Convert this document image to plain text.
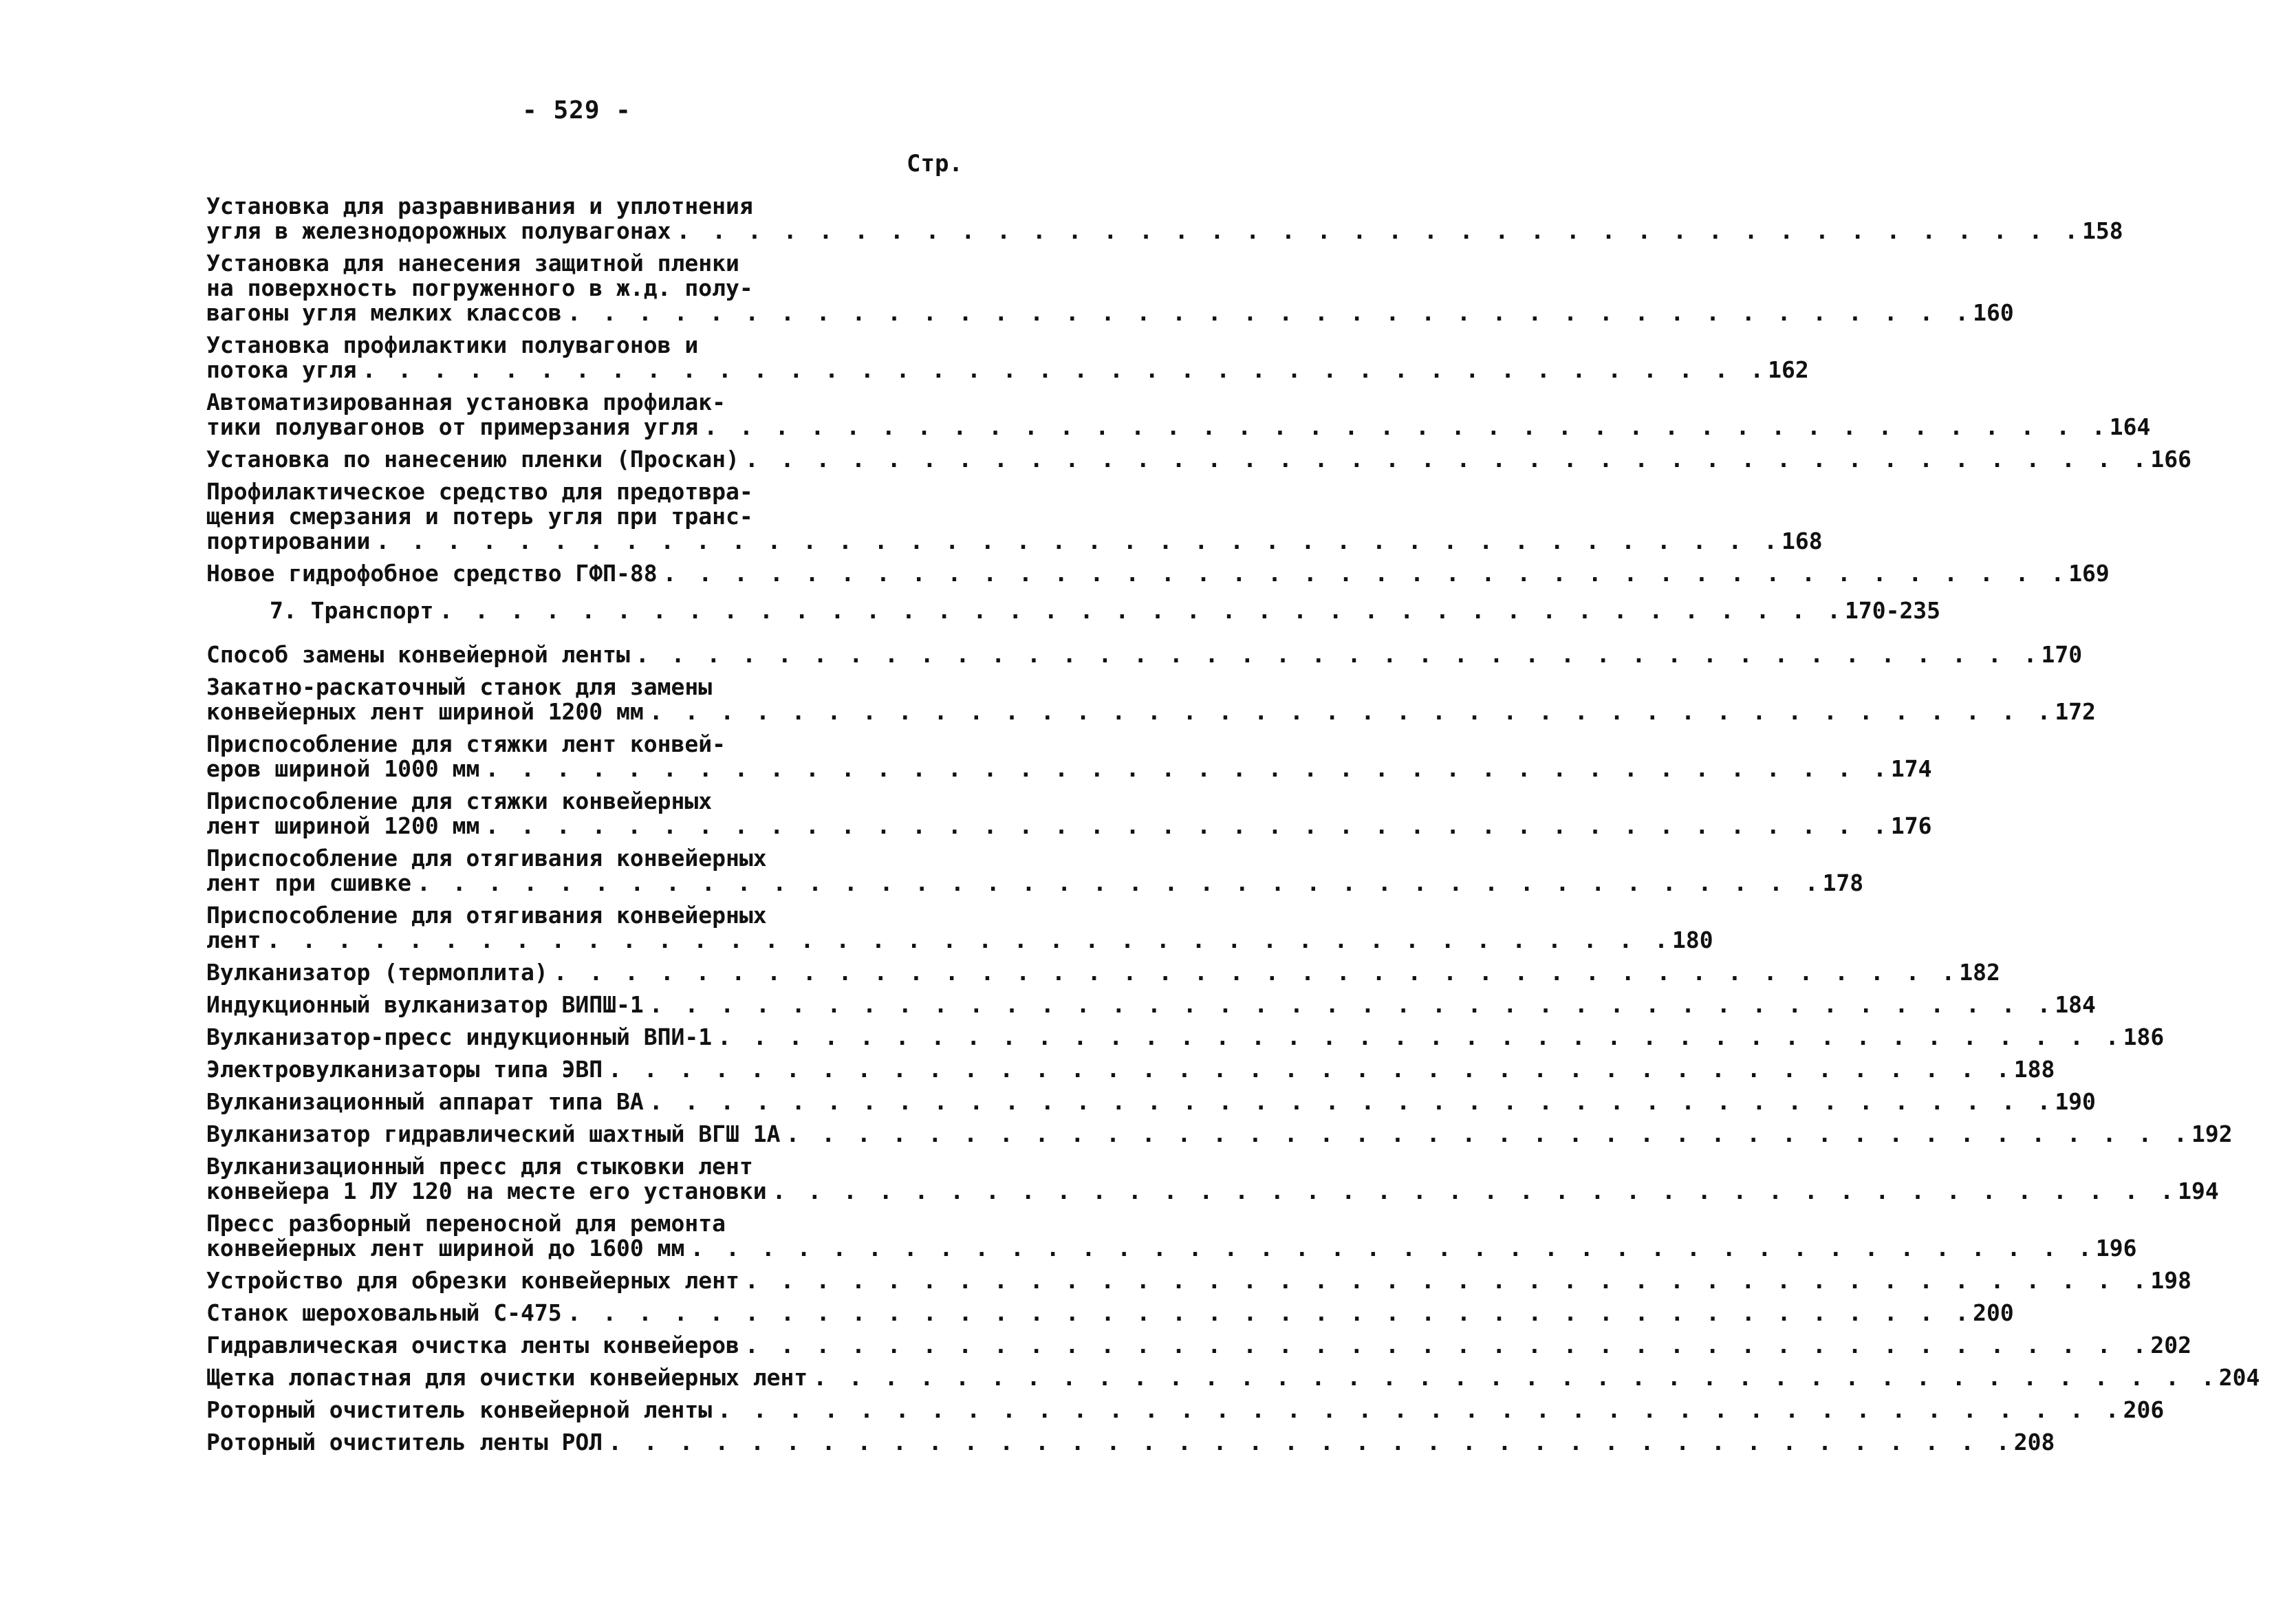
- 529 -
Стр.
Установка для разравнивания и уплотнения
угля в железнодорожных полувагонах . . . . . . . . . . . . . . . . . . . . . . . . . . . . . . . . . . . . . . . . 158
Установка для нанесения защитной пленки
на поверхность погруженного в ж.д. полу-
вагоны угля мелких классов . . . . . . . . . . . . . . . . . . . . . . . . . . . . . . . . . . . . . . . . 160
Установка профилактики полувагонов и
потока угля . . . . . . . . . . . . . . . . . . . . . . . . . . . . . . . . . . . . . . . . 162
Автоматизированная установка профилак-
тики полувагонов от примерзания угля . . . . . . . . . . . . . . . . . . . . . . . . . . . . . . . . . . . . . . . . 164
Установка по нанесению пленки (Проскан) . . . . . . . . . . . . . . . . . . . . . . . . . . . . . . . . . . . . . . . . 166
Профилактическое средство для предотвра-
щения смерзания и потерь угля при транс-
портировании . . . . . . . . . . . . . . . . . . . . . . . . . . . . . . . . . . . . . . . . 168
Новое гидрофобное средство ГФП-88 . . . . . . . . . . . . . . . . . . . . . . . . . . . . . . . . . . . . . . . . 169
7. Транспорт . . . . . . . . . . . . . . . . . . . . . . . . . . . . . . . . . . . . . . . . 170-235
Способ замены конвейерной ленты . . . . . . . . . . . . . . . . . . . . . . . . . . . . . . . . . . . . . . . . 170
Закатно-раскаточный станок для замены
конвейерных лент шириной 1200 мм . . . . . . . . . . . . . . . . . . . . . . . . . . . . . . . . . . . . . . . . 172
Приспособление для стяжки лент конвей-
еров шириной 1000 мм . . . . . . . . . . . . . . . . . . . . . . . . . . . . . . . . . . . . . . . . 174
Приспособление для стяжки конвейерных
лент шириной 1200 мм . . . . . . . . . . . . . . . . . . . . . . . . . . . . . . . . . . . . . . . . 176
Приспособление для отягивания конвейерных
лент при сшивке . . . . . . . . . . . . . . . . . . . . . . . . . . . . . . . . . . . . . . . . 178
Приспособление для отягивания конвейерных
лент . . . . . . . . . . . . . . . . . . . . . . . . . . . . . . . . . . . . . . . . 180
Вулканизатор (термоплита) . . . . . . . . . . . . . . . . . . . . . . . . . . . . . . . . . . . . . . . . 182
Индукционный вулканизатор ВИПШ-1 . . . . . . . . . . . . . . . . . . . . . . . . . . . . . . . . . . . . . . . . 184
Вулканизатор-пресс индукционный ВПИ-1 . . . . . . . . . . . . . . . . . . . . . . . . . . . . . . . . . . . . . . . . 186
Электровулканизаторы типа ЭВП . . . . . . . . . . . . . . . . . . . . . . . . . . . . . . . . . . . . . . . . 188
Вулканизационный аппарат типа ВА . . . . . . . . . . . . . . . . . . . . . . . . . . . . . . . . . . . . . . . . 190
Вулканизатор гидравлический шахтный ВГШ 1А . . . . . . . . . . . . . . . . . . . . . . . . . . . . . . . . . . . . . . . . 192
Вулканизационный пресс для стыковки лент
конвейера 1 ЛУ 120 на месте его установки . . . . . . . . . . . . . . . . . . . . . . . . . . . . . . . . . . . . . . . . 194
Пресс разборный переносной для ремонта
конвейерных лент шириной до 1600 мм . . . . . . . . . . . . . . . . . . . . . . . . . . . . . . . . . . . . . . . . 196
Устройство для обрезки конвейерных лент . . . . . . . . . . . . . . . . . . . . . . . . . . . . . . . . . . . . . . . . 198
Станок шероховальный С-475 . . . . . . . . . . . . . . . . . . . . . . . . . . . . . . . . . . . . . . . . 200
Гидравлическая очистка ленты конвейеров . . . . . . . . . . . . . . . . . . . . . . . . . . . . . . . . . . . . . . . . 202
Щетка лопастная для очистки конвейерных лент . . . . . . . . . . . . . . . . . . . . . . . . . . . . . . . . . . . . . . . . 204
Роторный очиститель конвейерной ленты . . . . . . . . . . . . . . . . . . . . . . . . . . . . . . . . . . . . . . . . 206
Роторный очиститель ленты РОЛ . . . . . . . . . . . . . . . . . . . . . . . . . . . . . . . . . . . . . . . . 208
